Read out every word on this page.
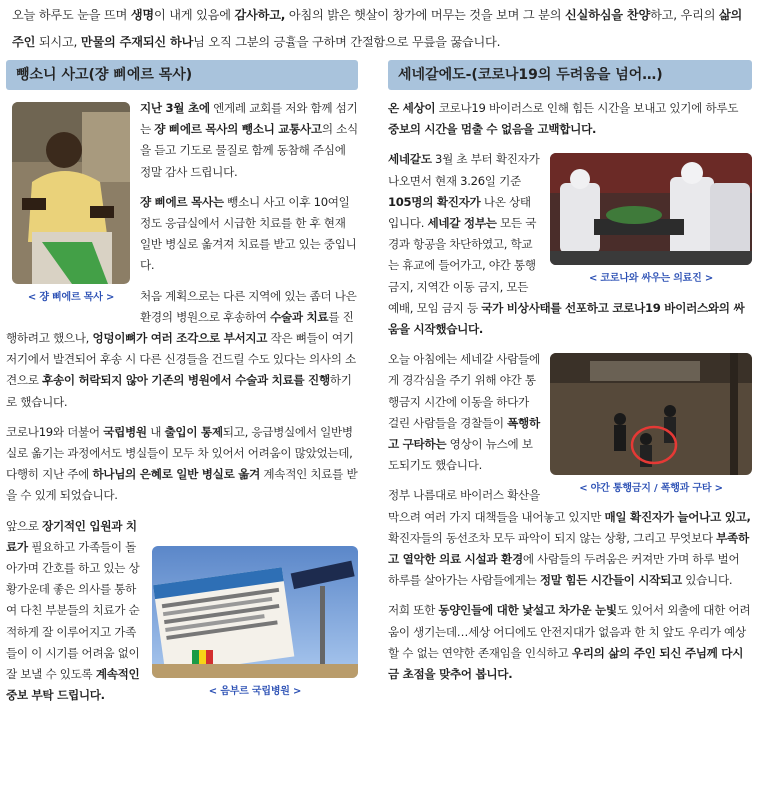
오늘 하루도 눈을 뜨며 생명이 내게 있음에 감사하고, 아침의 밝은 햇살이 창가에 머무는 것을 보며 그 분의 신실하심을 찬양하고, 우리의 삶의 주인 되시고, 만물의 주재되신 하나님 오직 그분의 긍휼을 구하며 간절함으로 무릎을 꿇습니다.
뺑소니 사고(쟝 삐에르 목사)
< 쟝 삐에르 목사 >

지난 3월 초에 엔게레 교회를 저와 함께 섬기는 쟝 삐에르 목사의 뺑소니 교통사고의 소식을 듣고 기도로 물질로 함께 동참해 주심에 정말 감사 드립니다.

쟝 삐에르 목사는 뺑소니 사고 이후 10여일 정도 응급실에서 시급한 치료를 한 후 현재 일반 병실로 옮겨져 치료를 받고 있는 중입니다.

처음 계획으로는 다른 지역에 있는 좀더 나은 환경의 병원으로 후송하여 수술과 치료를 진행하려고 했으나, 엉덩이뼈가 여러 조각으로 부서지고 작은 뼈들이 여기저기에서 발견되어 후송 시 다른 신경들을 건드릴 수도 있다는 의사의 소견으로 후송이 허락되지 않아 기존의 병원에서 수술과 치료를 진행하기로 했습니다.

코로나19와 더불어 국립병원 내 출입이 통제되고, 응급병실에서 일반병실로 옮기는 과정에서도 병실들이 모두 차 있어서 어려움이 많았었는데, 다행히 지난 주에 하나님의 은혜로 일반 병실로 옮겨 계속적인 치료를 받을 수 있게 되었습니다.

< 음부르 국립병원 >

앞으로 장기적인 입원과 치료가 필요하고 가족들이 돌아가며 간호를 하고 있는 상황가운데 좋은 의사를 통하여 다친 부분들의 치료가 순적하게 잘 이루어지고 가족들이 이 시기를 어려움 없이 잘 보낼 수 있도록 계속적인 중보 부탁 드립니다.

세네갈에도-(코로나19의 두려움을 넘어…)

온 세상이 코로나19 바이러스로 인해 힘든 시간을 보내고 있기에 하루도 중보의 시간을 멈출 수 없음을 고백합니다.

< 코로나와 싸우는 의료진 >

세네갈도 3월 초 부터 확진자가 나오면서 현재 3.26일 기준 105명의 확진자가 나온 상태입니다. 세네갈 정부는 모든 국경과 항공을 차단하였고, 학교는 휴교에 들어가고, 야간 통행금지, 지역간 이동 금지, 모든 예배, 모임 금지 등 국가 비상사태를 선포하고 코로나19 바이러스와의 싸움을 시작했습니다.

< 야간 통행금지 / 폭행과 구타 >

오늘 아침에는 세네갈 사람들에게 경각심을 주기 위해 야간 통행금지 시간에 이동을 하다가 걸린 사람들을 경찰들이 폭행하고 구타하는 영상이 뉴스에 보도되기도 했습니다.

정부 나름대로 바이러스 확산을 막으려 여러 가지 대책들을 내어놓고 있지만 매일 확진자가 늘어나고 있고, 확진자들의 동선조차 모두 파악이 되지 않는 상황, 그리고 무엇보다 부족하고 열악한 의료 시설과 환경에 사람들의 두려움은 커져만 가며 하루 벌어 하루를 살아가는 사람들에게는 정말 힘든 시간들이 시작되고 있습니다.

저희 또한 동양인들에 대한 낯설고 차가운 눈빛도 있어서 외출에 대한 어려움이 생기는데…세상 어디에도 안전지대가 없음과 한 치 앞도 우리가 예상할 수 없는 연약한 존재임을 인식하고 우리의 삶의 주인 되신 주님께 다시금 초점을 맞추어 봅니다.
